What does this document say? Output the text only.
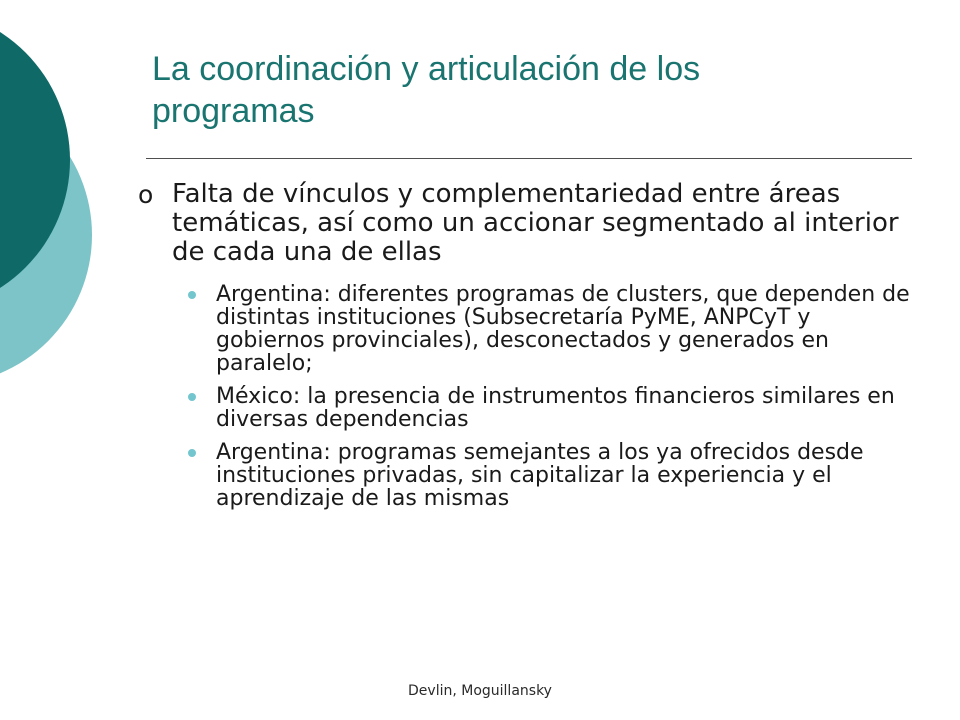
La coordinación y articulación de los programas
o Falta de vínculos y complementariedad entre áreas temáticas, así como un accionar segmentado al interior de cada una de ellas
Argentina: diferentes programas de clusters, que dependen de distintas instituciones (Subsecretaría PyME, ANPCyT y gobiernos provinciales), desconectados y generados en paralelo;
México: la presencia de instrumentos financieros similares en diversas dependencias
Argentina: programas semejantes a los ya ofrecidos desde instituciones privadas, sin capitalizar la experiencia y el aprendizaje de las mismas
Devlin, Moguillansky
